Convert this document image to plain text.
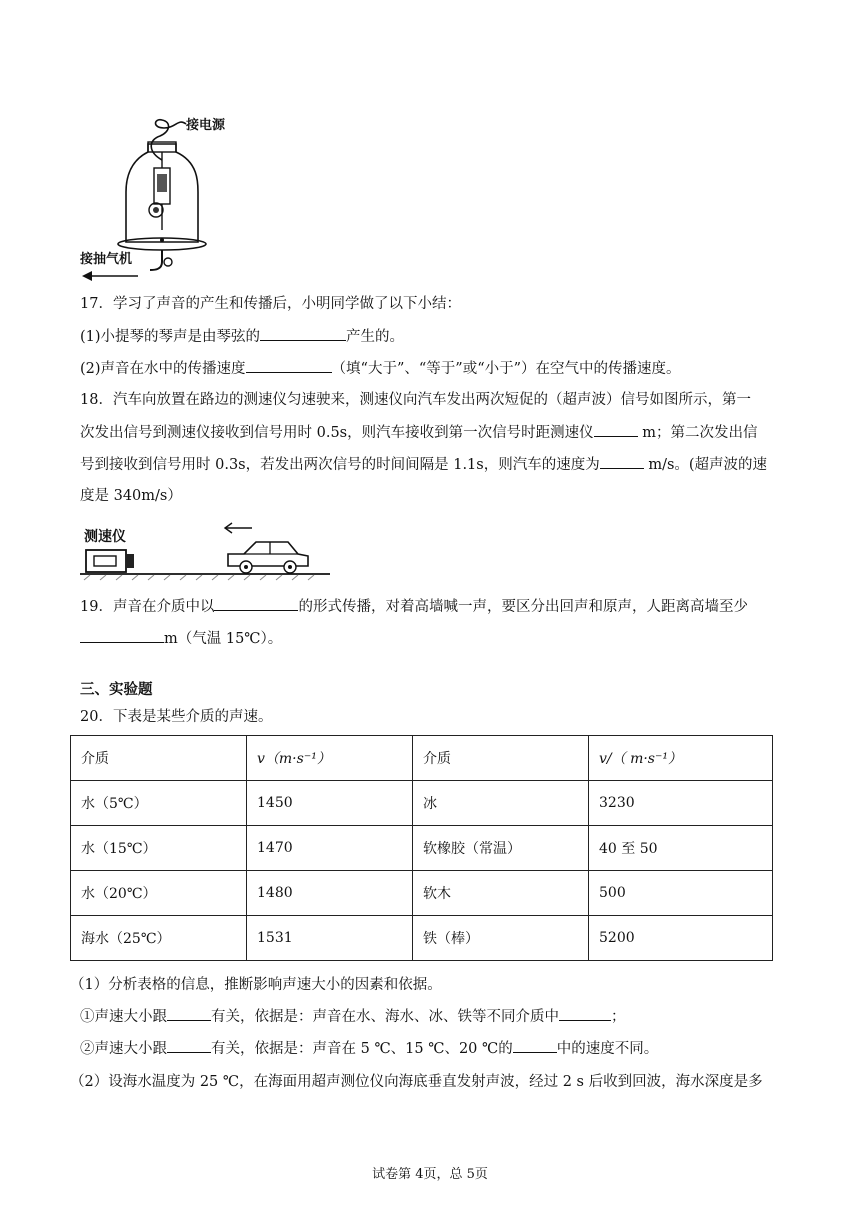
接电源
接抽气机
17．学习了声音的产生和传播后，小明同学做了以下小结：
(1)小提琴的琴声是由琴弦的	产生的。
(2)声音在水中的传播速度	（填“大于”、“等于”或“小于”）在空气中的传播速度。
18．汽车向放置在路边的测速仪匀速驶来，测速仪向汽车发出两次短促的（超声波）信号如图所示，第一
次发出信号到测速仪接收到信号用时 0.5s，则汽车接收到第一次信号时距测速仪	m；第二次发出信
号到接收到信号用时 0.3s，若发出两次信号的时间间隔是 1.1s，则汽车的速度为	m/s。(超声波的速
度是 340m/s）
测速仪
19．声音在介质中以	的形式传播，对着高墙喊一声，要区分出回声和原声，人距离高墙至少
m（气温 15℃）。
三、实验题
20．下表是某些介质的声速。
介质	v（m·s⁻¹）	介质	v/（ m·s⁻¹）
水（5℃）	1450	冰	3230
水（15℃）	1470	软橡胶（常温）	40 至 50
水（20℃）	1480	软木	500
海水（25℃）	1531	铁（棒）	5200
（1）分析表格的信息，推断影响声速大小的因素和依据。
①声速大小跟	有关，依据是：声音在水、海水、冰、铁等不同介质中	；
②声速大小跟	有关，依据是：声音在 5 ℃、15 ℃、20 ℃的	中的速度不同。
（2）设海水温度为 25 ℃，在海面用超声测位仪向海底垂直发射声波，经过 2 s 后收到回波，海水深度是多
试卷第 4页，总 5页
